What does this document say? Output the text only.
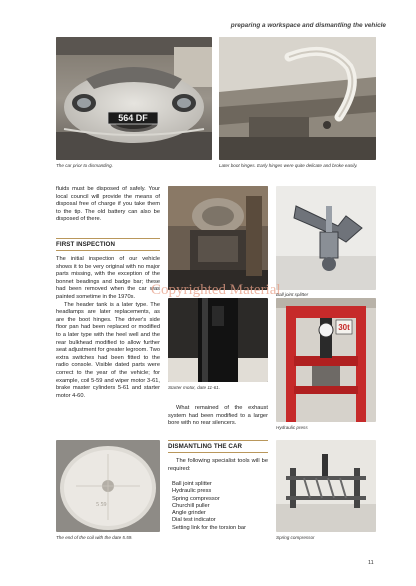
preparing a workspace and dismantling the vehicle
564 DF
The car prior to dismantling.	Later boot hinges. Early hinges were quite delicate and broke easily.

fluids must be disposed of safely. Your local council will provide the means of disposal free of charge if you take them to the tip. The old battery can also be disposed of there.

FIRST INSPECTION

The initial inspection of our vehicle shows it to be very original with no major parts missing, with the exception of the bonnet beadings and badge bar; these had been removed when the car was painted sometime in the 1970s.

The header tank is a later type. The headlamps are later replacements, as are the boot hinges. The driver's side floor pan had been replaced or modified to a later type with the heel well and the rear bulkhead modified to allow further seat adjustment for greater legroom. Two extra switches had been fitted to the radio console. Visible dated parts were correct to the year of the vehicle; for example, coil 5-59 and wiper motor 3-61, brake master cylinders 5-61 and starter motor 4-60.

Ball joint splitter
Starter motor, date 11-61.

What remained of the exhaust system had been modified to a larger bore with no rear silencers.

30t
Hydraulic press
5 59
The end of the coil with the date 5.59.
DISMANTLING THE CAR

The following specialist tools will be required:

Ball joint splitter
Hydraulic press
Spring compressor
Churchill puller
Angle grinder
Dial test indicator
Setting link for the torsion bar
Spring compressor
Copyrighted Material
11
